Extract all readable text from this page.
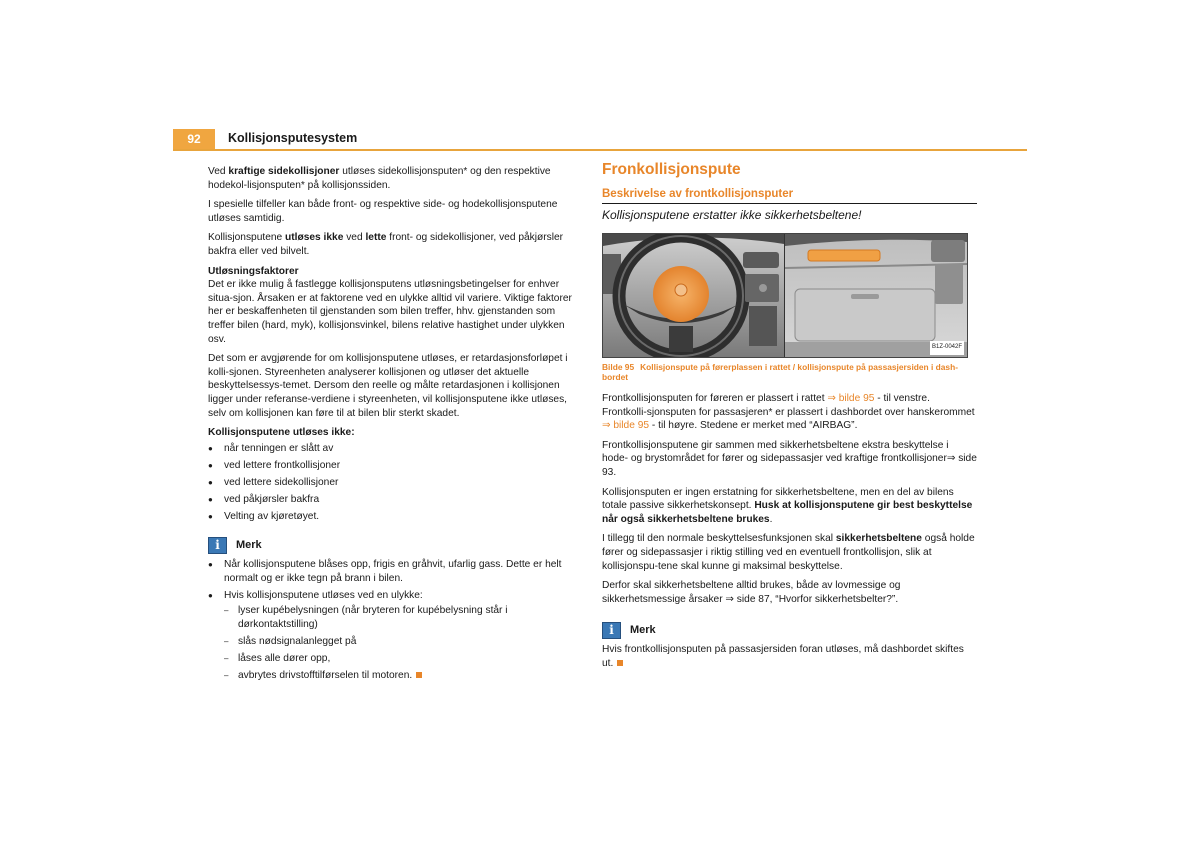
92	Kollisjonsputesystem

Ved kraftige sidekollisjoner utløses sidekollisjonsputen* og den respektive hodekol-lisjonsputen* på kollisjonssiden.

I spesielle tilfeller kan både front- og respektive side- og hodekollisjonsputene utløses samtidig.

Kollisjonsputene utløses ikke ved lette front- og sidekollisjoner, ved påkjørsler bakfra eller ved bilvelt.

Utløsningsfaktorer

Det er ikke mulig å fastlegge kollisjonsputens utløsningsbetingelser for enhver situa-sjon. Årsaken er at faktorene ved en ulykke alltid vil variere. Viktige faktorer her er beskaffenheten til gjenstanden som bilen treffer, hhv. gjenstanden som treffer bilen (hard, myk), kollisjonsvinkel, bilens relative hastighet under ulykken osv.

Det som er avgjørende for om kollisjonsputene utløses, er retardasjonsforløpet i kolli-sjonen. Styreenheten analyserer kollisjonen og utløser det aktuelle beskyttelsessys-temet. Dersom den reelle og målte retardasjonen i kollisjonen ligger under referanse-verdiene i styreenheten, vil kollisjonsputene ikke utløses, selv om kollisjonen kan føre til at bilen blir sterkt skadet.

Kollisjonsputene utløses ikke:

● når tenningen er slått av
● ved lettere frontkollisjoner
● ved lettere sidekollisjoner
● ved påkjørsler bakfra
● Velting av kjøretøyet.
i	Merk
● Når kollisjonsputene blåses opp, frigis en gråhvit, ufarlig gass. Dette er helt normalt og er ikke tegn på brann i bilen.
● Hvis kollisjonsputene utløses ved en ulykke:
– lyser kupébelysningen (når bryteren for kupébelysning står i dørkontaktstilling)
– slås nødsignalanlegget på
– låses alle dører opp,
– avbrytes drivstofftilførselen til motoren.
Fronkollisjonspute
Beskrivelse av frontkollisjonsputer
Kollisjonsputene erstatter ikke sikkerhetsbeltene!
B1Z-0042F
Bilde 95 Kollisjonspute på førerplassen i rattet / kollisjonspute på passasjersiden i dash-bordet

Frontkollisjonsputen for føreren er plassert i rattet ⇒ bilde 95 - til venstre. Frontkolli-sjonsputen for passasjeren* er plassert i dashbordet over hanskerommet ⇒ bilde 95 - til høyre. Stedene er merket med “AIRBAG”.

Frontkollisjonsputene gir sammen med sikkerhetsbeltene ekstra beskyttelse i hode- og brystområdet for fører og sidepassasjer ved kraftige frontkollisjoner⇒ side 93.

Kollisjonsputen er ingen erstatning for sikkerhetsbeltene, men en del av bilens totale passive sikkerhetskonsept. Husk at kollisjonsputene gir best beskyttelse når også sikkerhetsbeltene brukes.

I tillegg til den normale beskyttelsesfunksjonen skal sikkerhetsbeltene også holde fører og sidepassasjer i riktig stilling ved en eventuell frontkollisjon, slik at kollisjonspu-tene skal kunne gi maksimal beskyttelse.

Derfor skal sikkerhetsbeltene alltid brukes, både av lovmessige og sikkerhetsmessige årsaker ⇒ side 87, “Hvorfor sikkerhetsbelter?”.

i	Merk

Hvis frontkollisjonsputen på passasjersiden foran utløses, må dashbordet skiftes ut.
